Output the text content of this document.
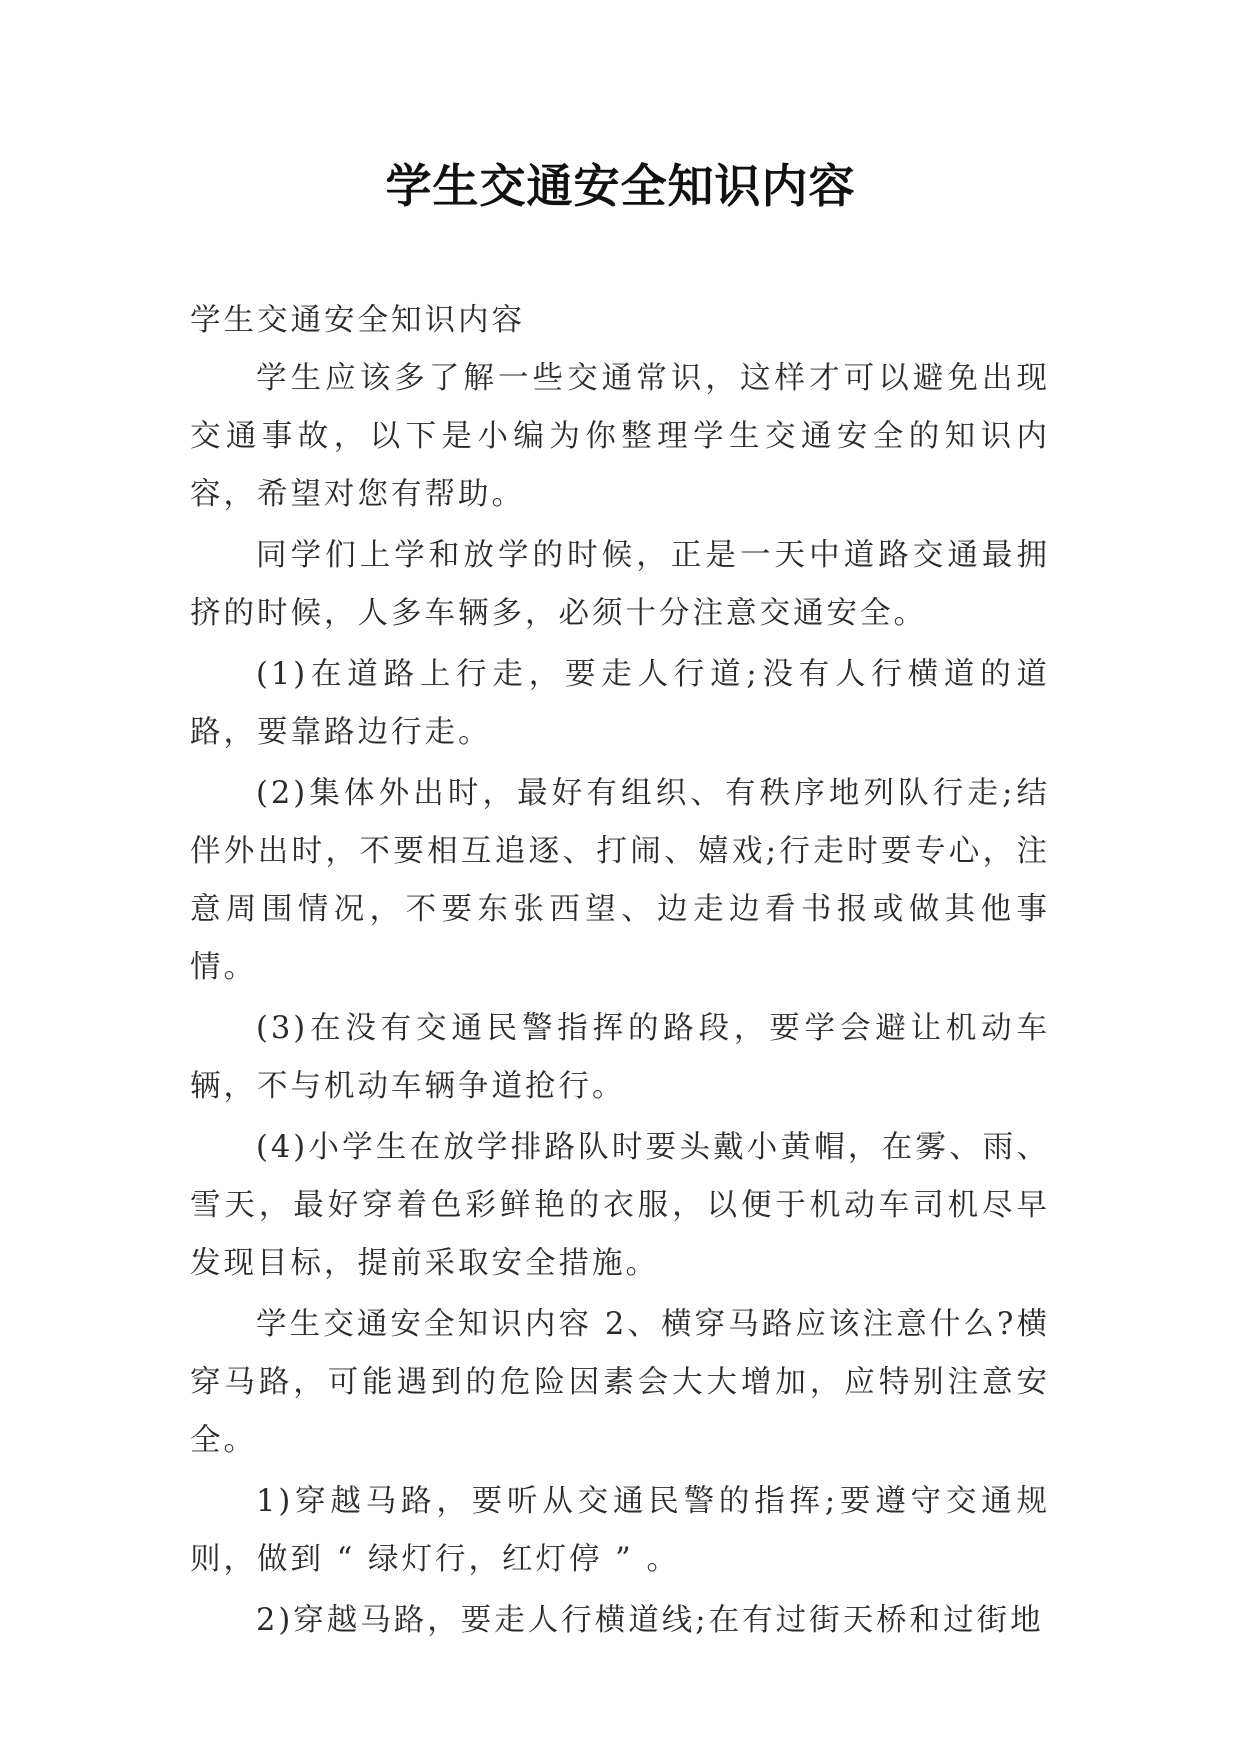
学生交通安全知识内容

学生交通安全知识内容

学生应该多了解一些交通常识，这样才可以避免出现交通事故，以下是小编为你整理学生交通安全的知识内容，希望对您有帮助。

同学们上学和放学的时候，正是一天中道路交通最拥挤的时候，人多车辆多，必须十分注意交通安全。

(1)在道路上行走，要走人行道;没有人行横道的道路，要靠路边行走。

(2)集体外出时，最好有组织、有秩序地列队行走;结伴外出时，不要相互追逐、打闹、嬉戏;行走时要专心，注意周围情况，不要东张西望、边走边看书报或做其他事情。

(3)在没有交通民警指挥的路段，要学会避让机动车辆，不与机动车辆争道抢行。

(4)小学生在放学排路队时要头戴小黄帽，在雾、雨、雪天，最好穿着色彩鲜艳的衣服，以便于机动车司机尽早发现目标，提前采取安全措施。

学生交通安全知识内容 2、横穿马路应该注意什么?横穿马路，可能遇到的危险因素会大大增加，应特别注意安全。

1)穿越马路，要听从交通民警的指挥;要遵守交通规则，做到 “ 绿灯行，红灯停 ” 。

2)穿越马路，要走人行横道线;在有过街天桥和过街地
